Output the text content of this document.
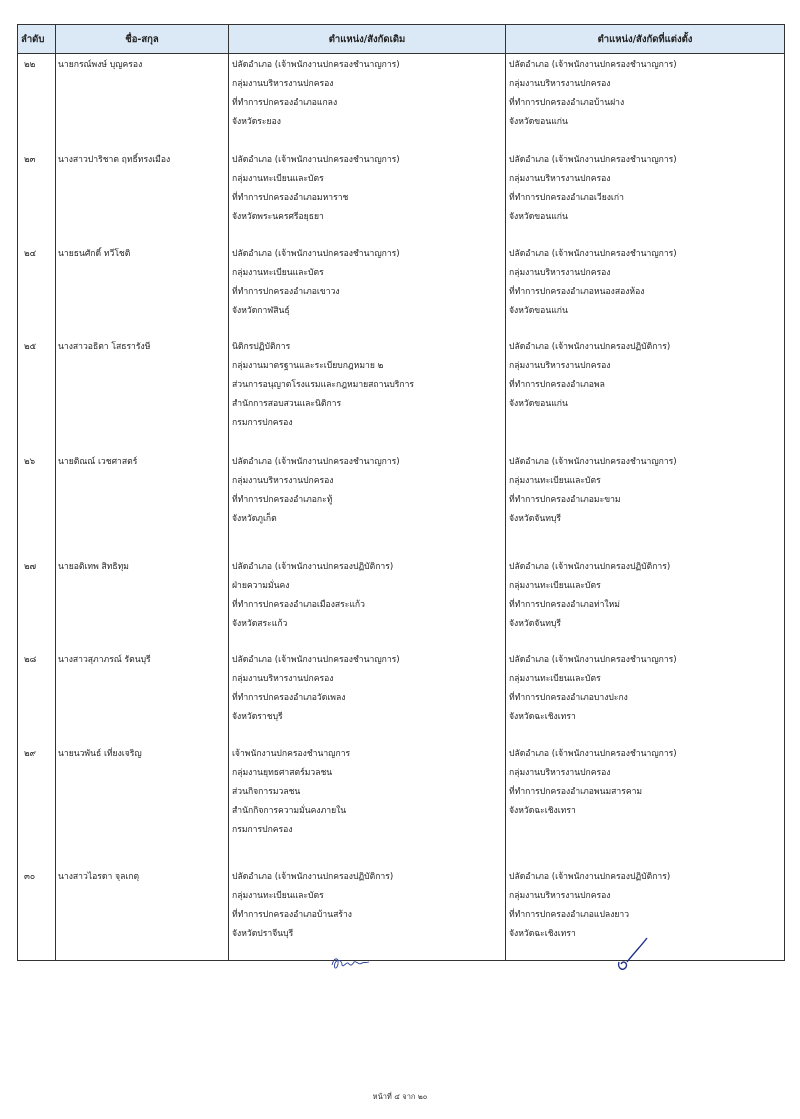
ลำดับ	ชื่อ-สกุล	ตำแหน่ง/สังกัดเดิม	ตำแหน่ง/สังกัดที่แต่งตั้ง
๒๒	นายกรณ์พงษ์ บุญครอง	ปลัดอำเภอ (เจ้าพนักงานปกครองชำนาญการ)
กลุ่มงานบริหารงานปกครอง
ที่ทำการปกครองอำเภอแกลง
จังหวัดระยอง	ปลัดอำเภอ (เจ้าพนักงานปกครองชำนาญการ)
กลุ่มงานบริหารงานปกครอง
ที่ทำการปกครองอำเภอบ้านฝาง
จังหวัดขอนแก่น

๒๓	นางสาวปาริชาต ฤทธิ์ทรงเมือง	ปลัดอำเภอ (เจ้าพนักงานปกครองชำนาญการ)
กลุ่มงานทะเบียนและบัตร
ที่ทำการปกครองอำเภอมหาราช
จังหวัดพระนครศรีอยุธยา	ปลัดอำเภอ (เจ้าพนักงานปกครองชำนาญการ)
กลุ่มงานบริหารงานปกครอง
ที่ทำการปกครองอำเภอเวียงเก่า
จังหวัดขอนแก่น

๒๔	นายธนศักดิ์ ทวีโชติ	ปลัดอำเภอ (เจ้าพนักงานปกครองชำนาญการ)
กลุ่มงานทะเบียนและบัตร
ที่ทำการปกครองอำเภอเขาวง
จังหวัดกาฬสินธุ์	ปลัดอำเภอ (เจ้าพนักงานปกครองชำนาญการ)
กลุ่มงานบริหารงานปกครอง
ที่ทำการปกครองอำเภอหนองสองห้อง
จังหวัดขอนแก่น

๒๕	นางสาวอธิตา โสธรารังษี	นิติกรปฏิบัติการ
กลุ่มงานมาตรฐานและระเบียบกฎหมาย ๒
ส่วนการอนุญาตโรงแรมและกฎหมายสถานบริการ
สำนักการสอบสวนและนิติการ
กรมการปกครอง	ปลัดอำเภอ (เจ้าพนักงานปกครองปฏิบัติการ)
กลุ่มงานบริหารงานปกครอง
ที่ทำการปกครองอำเภอพล
จังหวัดขอนแก่น

๒๖	นายติณณ์ เวชศาสตร์	ปลัดอำเภอ (เจ้าพนักงานปกครองชำนาญการ)
กลุ่มงานบริหารงานปกครอง
ที่ทำการปกครองอำเภอกะทู้
จังหวัดภูเก็ต	ปลัดอำเภอ (เจ้าพนักงานปกครองชำนาญการ)
กลุ่มงานทะเบียนและบัตร
ที่ทำการปกครองอำเภอมะขาม
จังหวัดจันทบุรี

๒๗	นายอติเทพ สิทธิทุม	ปลัดอำเภอ (เจ้าพนักงานปกครองปฏิบัติการ)
ฝ่ายความมั่นคง
ที่ทำการปกครองอำเภอเมืองสระแก้ว
จังหวัดสระแก้ว	ปลัดอำเภอ (เจ้าพนักงานปกครองปฏิบัติการ)
กลุ่มงานทะเบียนและบัตร
ที่ทำการปกครองอำเภอท่าใหม่
จังหวัดจันทบุรี

๒๘	นางสาวสุภาภรณ์ รัตนบุรี	ปลัดอำเภอ (เจ้าพนักงานปกครองชำนาญการ)
กลุ่มงานบริหารงานปกครอง
ที่ทำการปกครองอำเภอวัดเพลง
จังหวัดราชบุรี	ปลัดอำเภอ (เจ้าพนักงานปกครองชำนาญการ)
กลุ่มงานทะเบียนและบัตร
ที่ทำการปกครองอำเภอบางปะกง
จังหวัดฉะเชิงเทรา

๒๙	นายนวพันธ์ เที่ยงเจริญ	เจ้าพนักงานปกครองชำนาญการ
กลุ่มงานยุทธศาสตร์มวลชน
ส่วนกิจการมวลชน
สำนักกิจการความมั่นคงภายใน
กรมการปกครอง	ปลัดอำเภอ (เจ้าพนักงานปกครองชำนาญการ)
กลุ่มงานบริหารงานปกครอง
ที่ทำการปกครองอำเภอพนมสารคาม
จังหวัดฉะเชิงเทรา

๓๐	นางสาวไอรดา จุลเกตุ	ปลัดอำเภอ (เจ้าพนักงานปกครองปฏิบัติการ)
กลุ่มงานทะเบียนและบัตร
ที่ทำการปกครองอำเภอบ้านสร้าง
จังหวัดปราจีนบุรี	ปลัดอำเภอ (เจ้าพนักงานปกครองปฏิบัติการ)
กลุ่มงานบริหารงานปกครอง
ที่ทำการปกครองอำเภอแปลงยาว
จังหวัดฉะเชิงเทรา
หน้าที่ ๔ จาก ๒๐
